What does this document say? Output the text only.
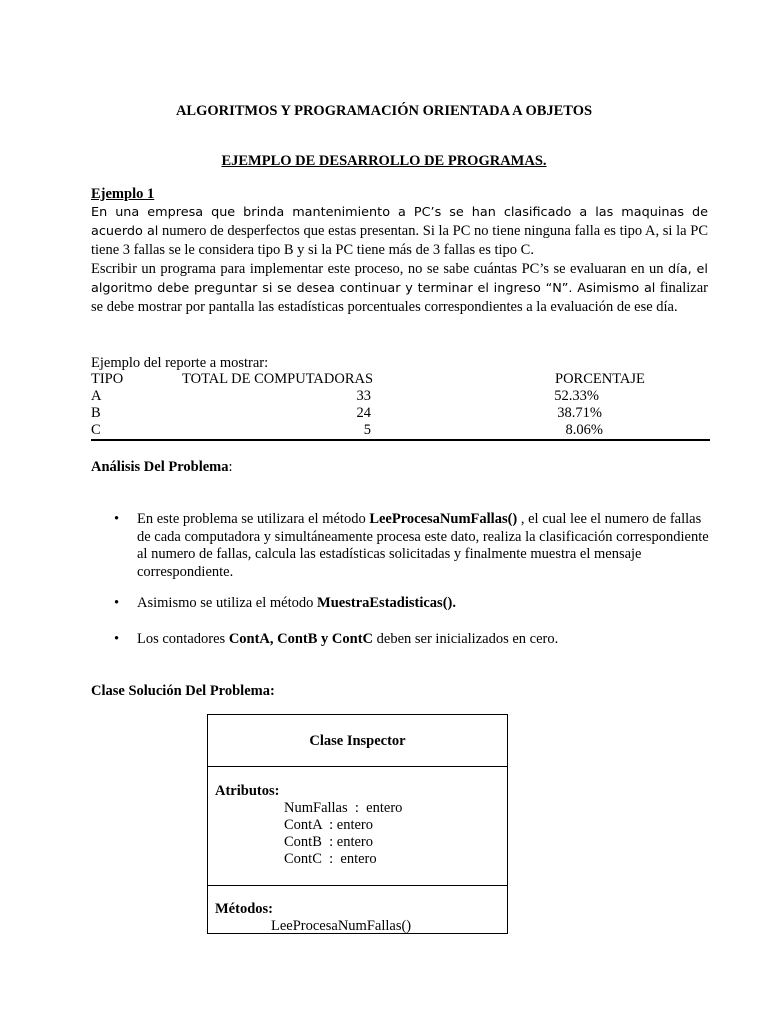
ALGORITMOS Y PROGRAMACIÓN ORIENTADA A OBJETOS
EJEMPLO DE DESARROLLO DE PROGRAMAS.
Ejemplo 1

En una empresa que brinda mantenimiento a PC’s se han clasificado a las maquinas de acuerdo al numero de desperfectos que estas presentan. Si la PC no tiene ninguna falla es tipo A, si la PC tiene 3 fallas se le considera tipo B y si la PC tiene más de 3 fallas es tipo C.

Escribir un programa para implementar este proceso, no se sabe cuántas PC’s se evaluaran en un día, el algoritmo debe preguntar si se desea continuar y terminar el ingreso “N”. Asimismo al finalizar se debe mostrar por pantalla las estadísticas porcentuales correspondientes a la evaluación de ese día.

Ejemplo del reporte a mostrar:
TIPO	TOTAL DE COMPUTADORAS	PORCENTAJE
A	33	52.33%
B	24	38.71%
C	5	8.06%
Análisis Del Problema:
• En este problema se utilizara el método LeeProcesaNumFallas() , el cual lee el numero de fallas de cada computadora y simultáneamente procesa este dato, realiza la clasificación correspondiente al numero de fallas, calcula las estadísticas solicitadas y finalmente muestra el mensaje correspondiente.
• Asimismo se utiliza el método MuestraEstadisticas().
• Los contadores ContA, ContB y ContC deben ser inicializados en cero.
Clase Solución Del Problema:
Clase Inspector
Atributos:
NumFallas  :  entero
ContA  : entero
ContB  : entero
ContC  :  entero
Métodos:
LeeProcesaNumFallas()
